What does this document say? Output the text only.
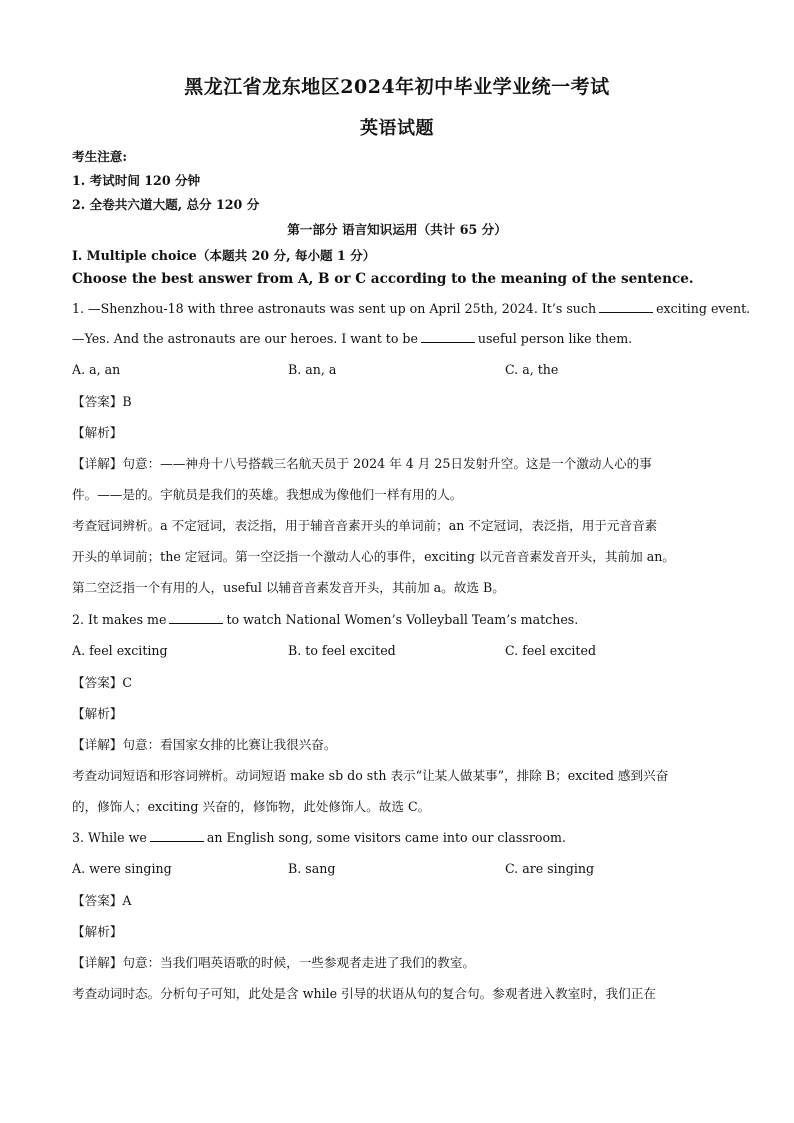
黑龙江省龙东地区2024年初中毕业学业统一考试
英语试题
考生注意:
1. 考试时间 120 分钟
2. 全卷共六道大题, 总分 120 分
第一部分 语言知识运用（共计 65 分）
I. Multiple choice（本题共 20 分, 每小题 1 分）
Choose the best answer from A, B or C according to the meaning of the sentence.
1. —Shenzhou-18 with three astronauts was sent up on April 25th, 2024. It’s such	exciting event.
—Yes. And the astronauts are our heroes. I want to be	useful person like them.
A. a, an	B. an, a	C. a, the
【答案】B
【解析】
【详解】句意：——神舟十八号搭载三名航天员于 2024 年 4 月 25日发射升空。这是一个激动人心的事
件。——是的。宇航员是我们的英雄。我想成为像他们一样有用的人。
考查冠词辨析。a 不定冠词，表泛指，用于辅音音素开头的单词前；an 不定冠词，表泛指，用于元音音素
开头的单词前；the 定冠词。第一空泛指一个激动人心的事件，exciting 以元音音素发音开头，其前加 an。
第二空泛指一个有用的人，useful 以辅音音素发音开头，其前加 a。故选 B。
2. It makes me	to watch National Women’s Volleyball Team’s matches.
A. feel exciting	B. to feel excited	C. feel excited
【答案】C
【解析】
【详解】句意：看国家女排的比赛让我很兴奋。
考查动词短语和形容词辨析。动词短语 make sb do sth 表示“让某人做某事”，排除 B；excited 感到兴奋
的，修饰人；exciting 兴奋的，修饰物，此处修饰人。故选 C。
3. While we	an English song, some visitors came into our classroom.
A. were singing	B. sang	C. are singing
【答案】A
【解析】
【详解】句意：当我们唱英语歌的时候，一些参观者走进了我们的教室。
考查动词时态。分析句子可知，此处是含 while 引导的状语从句的复合句。参观者进入教室时，我们正在
